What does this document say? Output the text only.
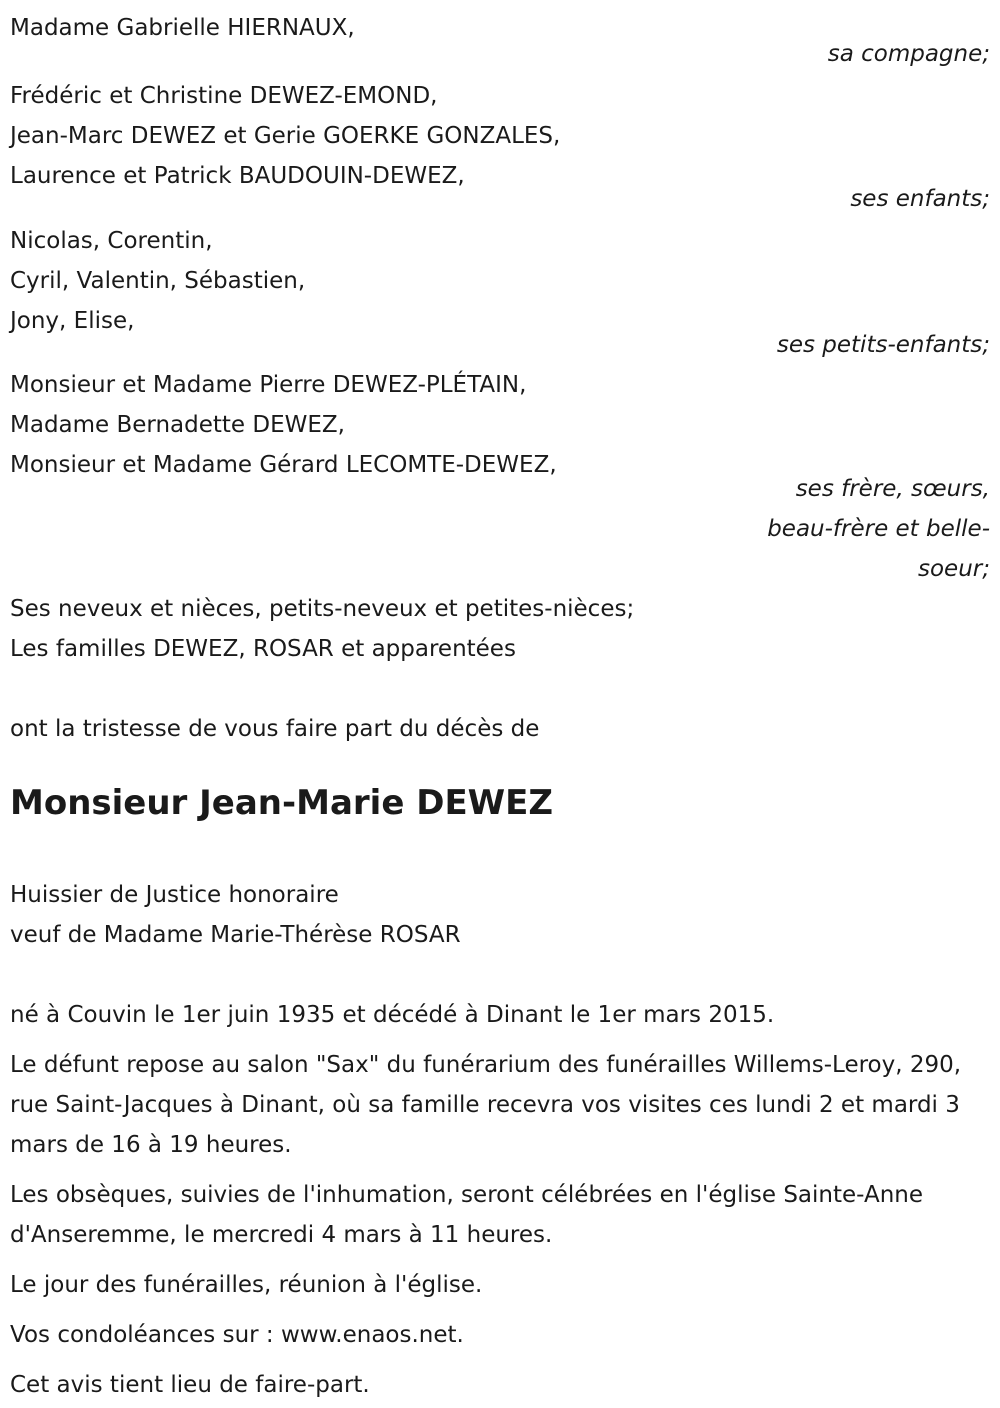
Madame Gabrielle HIERNAUX,
sa compagne;
Frédéric et Christine DEWEZ-EMOND,
Jean-Marc DEWEZ et Gerie GOERKE GONZALES,
Laurence et Patrick BAUDOUIN-DEWEZ,
ses enfants;
Nicolas, Corentin,
Cyril, Valentin, Sébastien,
Jony, Elise,
ses petits-enfants;
Monsieur et Madame Pierre DEWEZ-PLÉTAIN,
Madame Bernadette DEWEZ,
Monsieur et Madame Gérard LECOMTE-DEWEZ,
ses frère, sœurs,
beau-frère et belle-
soeur;
Ses neveux et nièces, petits-neveux et petites-nièces;
Les familles DEWEZ, ROSAR et apparentées
ont la tristesse de vous faire part du décès de
Monsieur Jean-Marie DEWEZ
Huissier de Justice honoraire
veuf de Madame Marie-Thérèse ROSAR
né à Couvin le 1er juin 1935 et décédé à Dinant le 1er mars 2015.
Le défunt repose au salon "Sax" du funérarium des funérailles Willems-Leroy, 290, rue Saint-Jacques à Dinant, où sa famille recevra vos visites ces lundi 2 et mardi 3 mars de 16 à 19 heures.
Les obsèques, suivies de l'inhumation, seront célébrées en l'église Sainte-Anne d'Anseremme, le mercredi 4 mars à 11 heures.
Le jour des funérailles, réunion à l'église.
Vos condoléances sur : www.enaos.net.
Cet avis tient lieu de faire-part.
